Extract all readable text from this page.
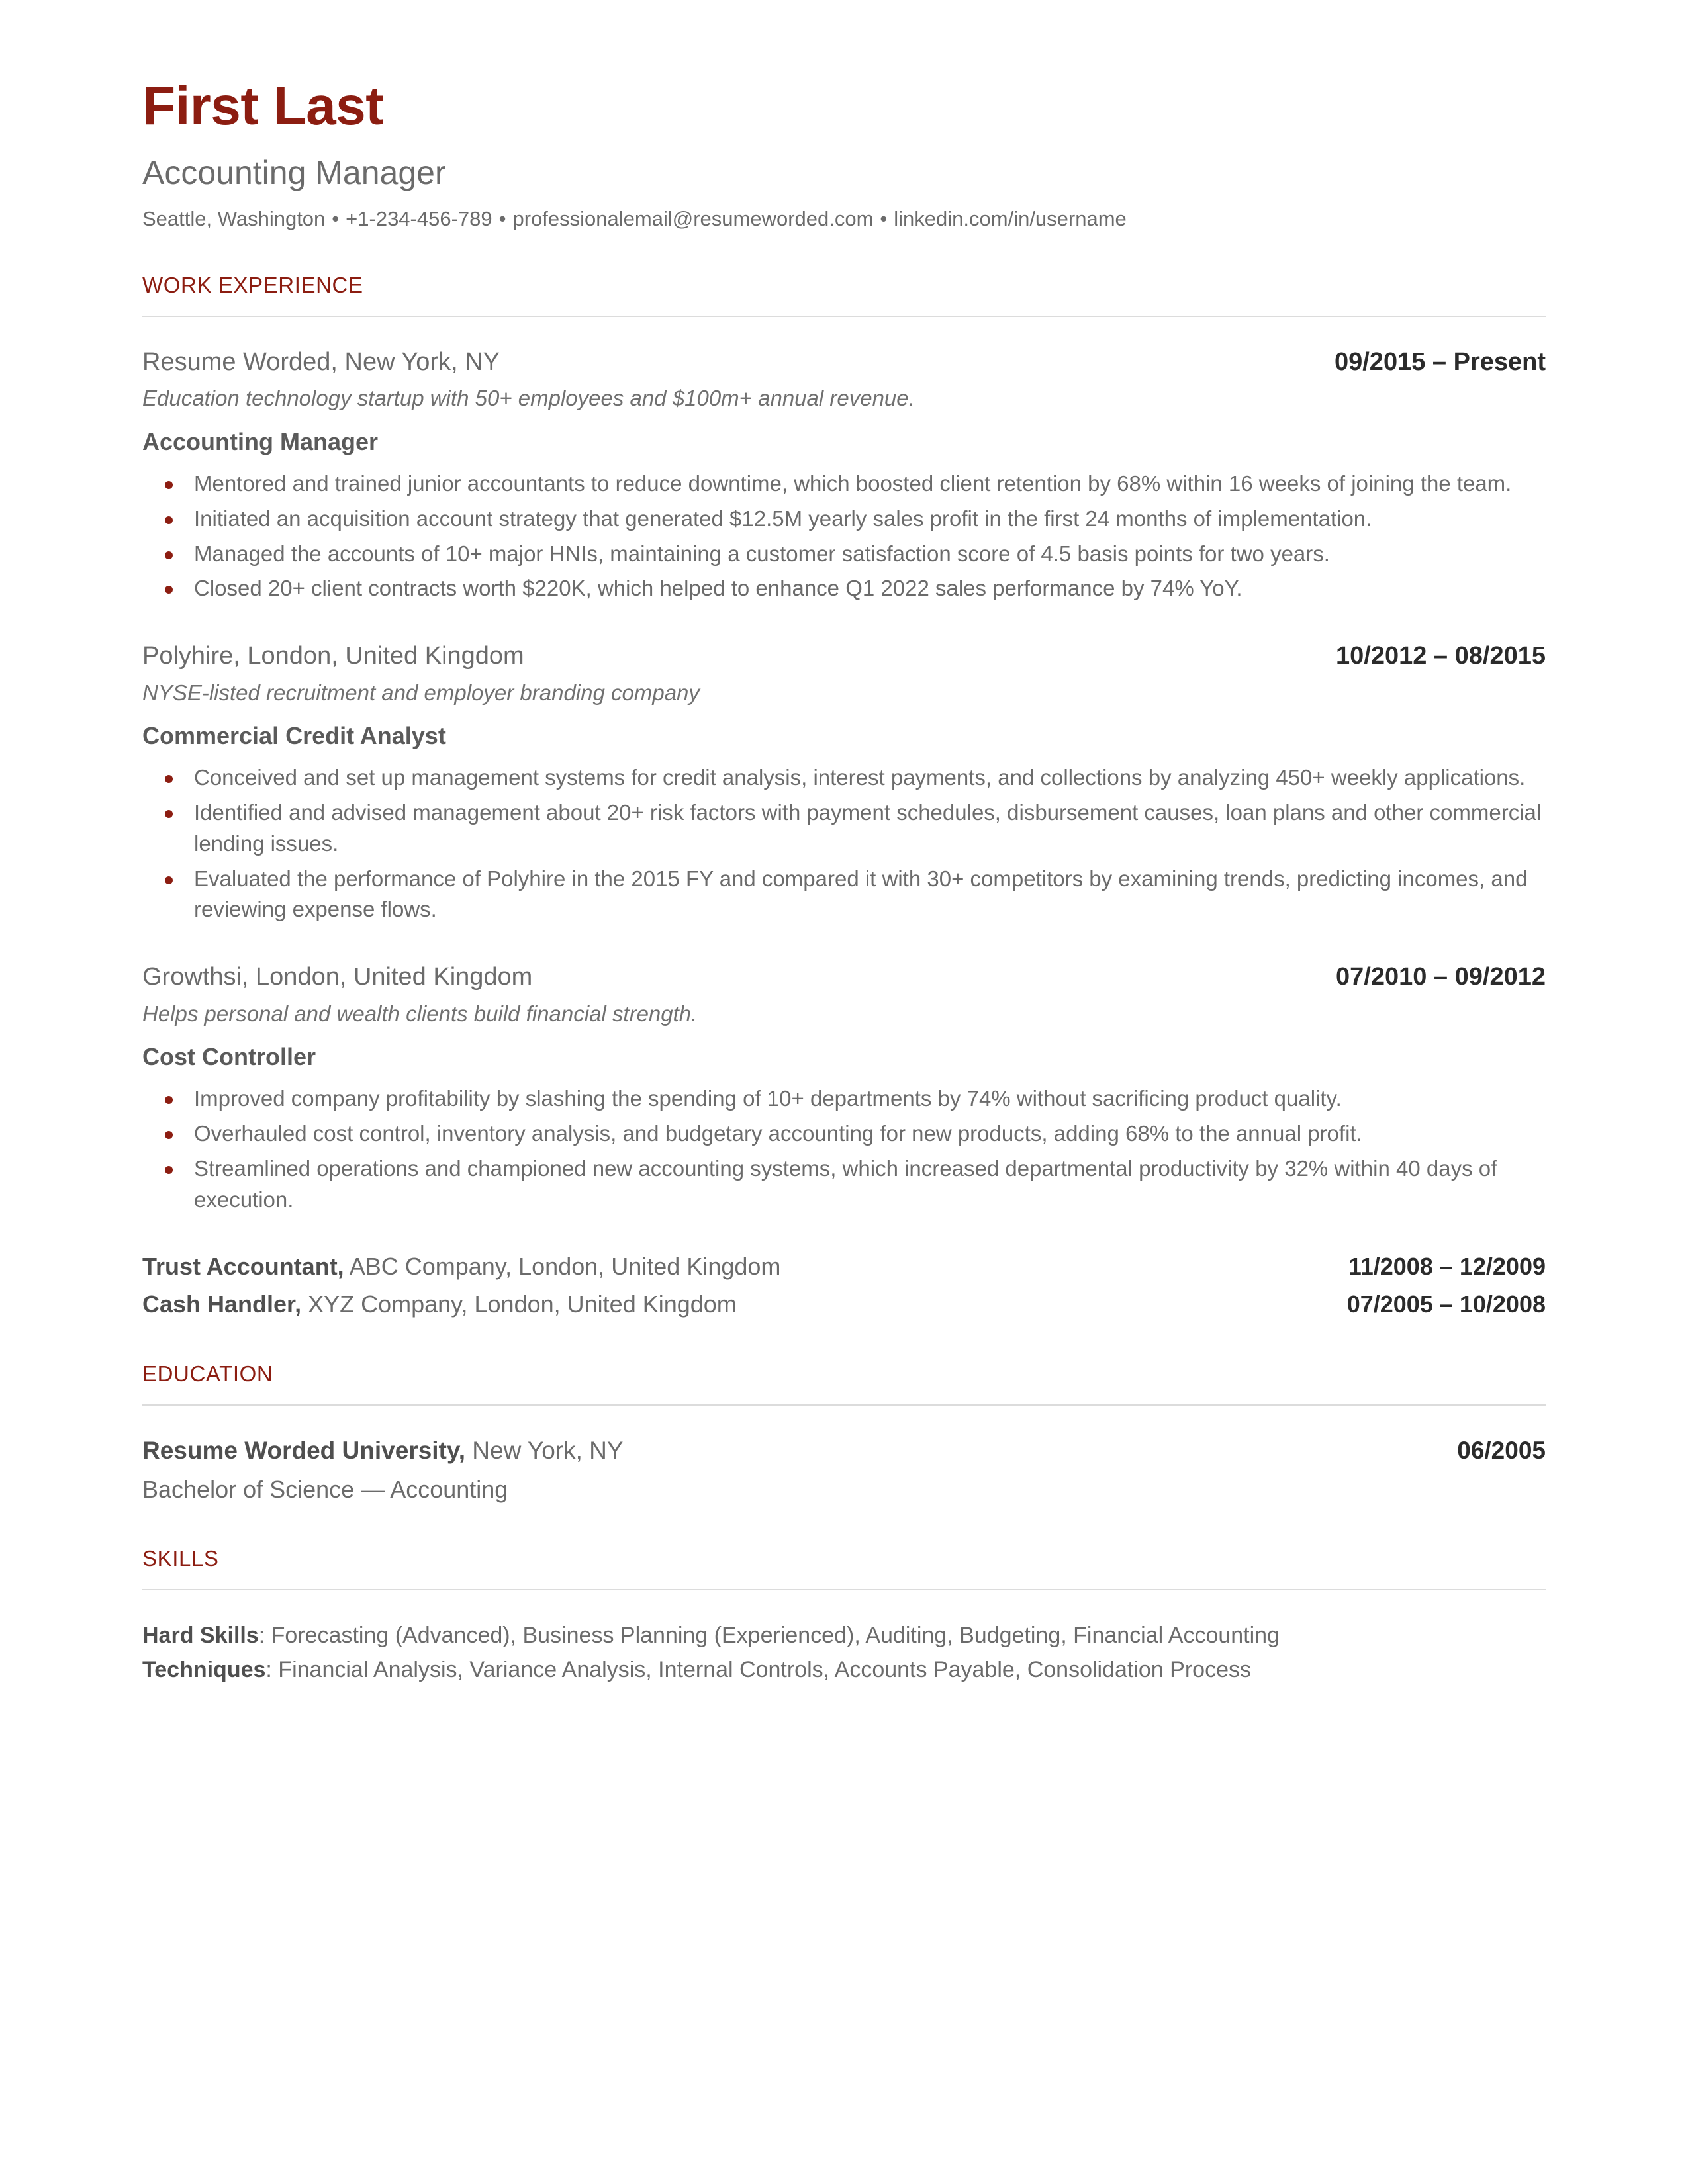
First Last
Accounting Manager
Seattle, Washington • +1-234-456-789 • professionalemail@resumeworded.com • linkedin.com/in/username
WORK EXPERIENCE
Resume Worded, New York, NY	09/2015 – Present
Education technology startup with 50+ employees and $100m+ annual revenue.
Accounting Manager
Mentored and trained junior accountants to reduce downtime, which boosted client retention by 68% within 16 weeks of joining the team.
Initiated an acquisition account strategy that generated $12.5M yearly sales profit in the first 24 months of implementation.
Managed the accounts of 10+ major HNIs, maintaining a customer satisfaction score of 4.5 basis points for two years.
Closed 20+ client contracts worth $220K, which helped to enhance Q1 2022 sales performance by 74% YoY.
Polyhire, London, United Kingdom	10/2012 – 08/2015
NYSE-listed recruitment and employer branding company
Commercial Credit Analyst
Conceived and set up management systems for credit analysis, interest payments, and collections by analyzing 450+ weekly applications.
Identified and advised management about 20+ risk factors with payment schedules, disbursement causes, loan plans and other commercial lending issues.
Evaluated the performance of Polyhire in the 2015 FY and compared it with 30+ competitors by examining trends, predicting incomes, and reviewing expense flows.
Growthsi, London, United Kingdom	07/2010 – 09/2012
Helps personal and wealth clients build financial strength.
Cost Controller
Improved company profitability by slashing the spending of 10+ departments by 74% without sacrificing product quality.
Overhauled cost control, inventory analysis, and budgetary accounting for new products, adding 68% to the annual profit.
Streamlined operations and championed new accounting systems, which increased departmental productivity by 32% within 40 days of execution.
Trust Accountant, ABC Company, London, United Kingdom	11/2008 – 12/2009
Cash Handler, XYZ Company, London, United Kingdom	07/2005 – 10/2008
EDUCATION
Resume Worded University, New York, NY	06/2005
Bachelor of Science — Accounting
SKILLS
Hard Skills: Forecasting (Advanced), Business Planning (Experienced), Auditing, Budgeting, Financial Accounting
Techniques: Financial Analysis, Variance Analysis, Internal Controls, Accounts Payable, Consolidation Process
